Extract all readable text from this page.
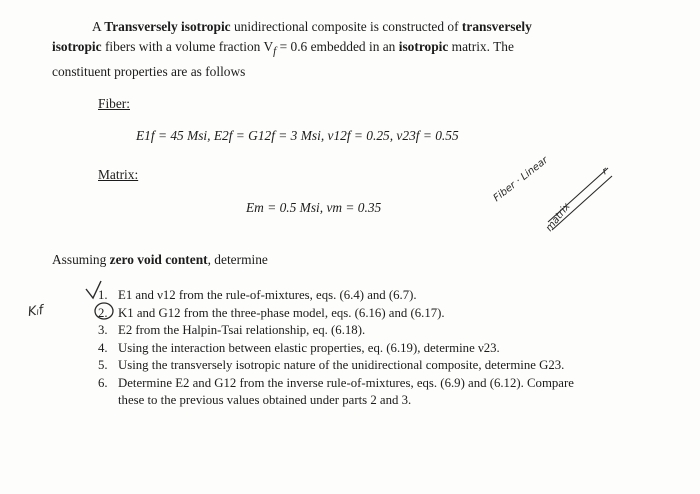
A Transversely isotropic unidirectional composite is constructed of transversely
isotropic fibers with a volume fraction $V_f = 0.6$ embedded in an isotropic matrix. The
constituent properties are as follows
Fiber:
E1f = 45 Msi, E2f = G12f = 3 Msi, ν12f = 0.25, ν23f = 0.55
Matrix:
Em = 0.5 Msi, νm = 0.35
Assuming zero void content, determine
1. E1 and ν12 from the rule-of-mixtures, eqs. (6.4) and (6.7).
2. K1 and G12 from the three-phase model, eqs. (6.16) and (6.17).
3. E2 from the Halpin-Tsai relationship, eq. (6.18).
4. Using the interaction between elastic properties, eq. (6.19), determine ν23.
5. Using the transversely isotropic nature of the unidirectional composite, determine G23.
6. Determine E2 and G12 from the inverse rule-of-mixtures, eqs. (6.9) and (6.12). Compare these to the previous values obtained under parts 2 and 3.
Kₗf
Fiber · Linear
matrix
r
